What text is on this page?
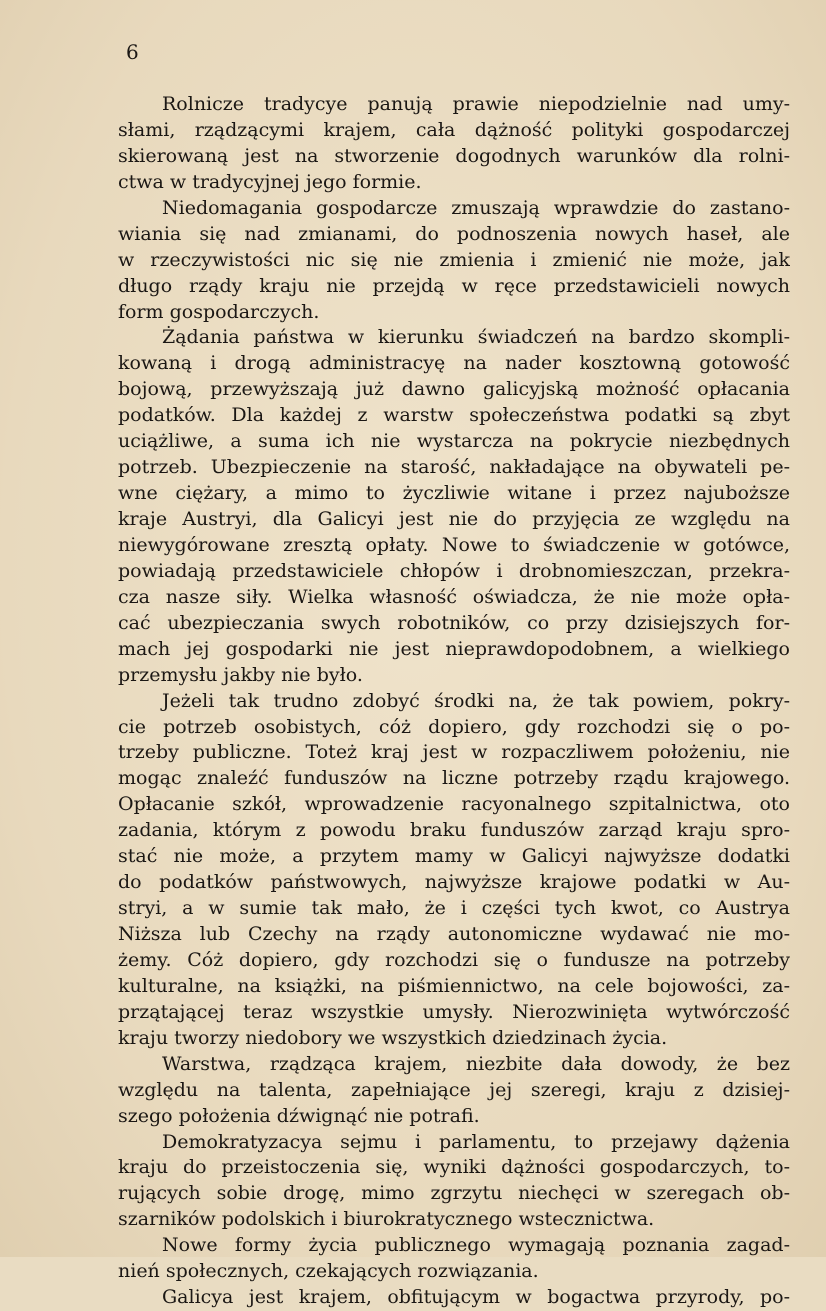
6
Rolnicze tradycye panują prawie niepodzielnie nad umy-
słami, rządzącymi krajem, cała dążność polityki gospodarczej
skierowaną jest na stworzenie dogodnych warunków dla rolni-
ctwa w tradycyjnej jego formie.
Niedomagania gospodarcze zmuszają wprawdzie do zastano-
wiania się nad zmianami, do podnoszenia nowych haseł, ale
w rzeczywistości nic się nie zmienia i zmienić nie może, jak
długo rządy kraju nie przejdą w ręce przedstawicieli nowych
form gospodarczych.
Żądania państwa w kierunku świadczeń na bardzo skompli-
kowaną i drogą administracyę na nader kosztowną gotowość
bojową, przewyższają już dawno galicyjską możność opłacania
podatków. Dla każdej z warstw społeczeństwa podatki są zbyt
uciążliwe, a suma ich nie wystarcza na pokrycie niezbędnych
potrzeb. Ubezpieczenie na starość, nakładające na obywateli pe-
wne ciężary, a mimo to życzliwie witane i przez najuboższe
kraje Austryi, dla Galicyi jest nie do przyjęcia ze względu na
niewygórowane zresztą opłaty. Nowe to świadczenie w gotówce,
powiadają przedstawiciele chłopów i drobnomieszczan, przekra-
cza nasze siły. Wielka własność oświadcza, że nie może opła-
cać ubezpieczania swych robotników, co przy dzisiejszych for-
mach jej gospodarki nie jest nieprawdopodobnem, a wielkiego
przemysłu jakby nie było.
Jeżeli tak trudno zdobyć środki na, że tak powiem, pokry-
cie potrzeb osobistych, cóż dopiero, gdy rozchodzi się o po-
trzeby publiczne. Toteż kraj jest w rozpaczliwem położeniu, nie
mogąc znaleźć funduszów na liczne potrzeby rządu krajowego.
Opłacanie szkół, wprowadzenie racyonalnego szpitalnictwa, oto
zadania, którym z powodu braku funduszów zarząd kraju spro-
stać nie może, a przytem mamy w Galicyi najwyższe dodatki
do podatków państwowych, najwyższe krajowe podatki w Au-
stryi, a w sumie tak mało, że i części tych kwot, co Austrya
Niższa lub Czechy na rządy autonomiczne wydawać nie mo-
żemy. Cóż dopiero, gdy rozchodzi się o fundusze na potrzeby
kulturalne, na książki, na piśmiennictwo, na cele bojowości, za-
przątającej teraz wszystkie umysły. Nierozwinięta wytwórczość
kraju tworzy niedobory we wszystkich dziedzinach życia.
Warstwa, rządząca krajem, niezbite dała dowody, że bez
względu na talenta, zapełniające jej szeregi, kraju z dzisiej-
szego położenia dźwignąć nie potrafi.
Demokratyzacya sejmu i parlamentu, to przejawy dążenia
kraju do przeistoczenia się, wyniki dążności gospodarczych, to-
rujących sobie drogę, mimo zgrzytu niechęci w szeregach ob-
szarników podolskich i biurokratycznego wstecznictwa.
Nowe formy życia publicznego wymagają poznania zagad-
nień społecznych, czekających rozwiązania.
Galicya jest krajem, obfitującym w bogactwa przyrody, po-
